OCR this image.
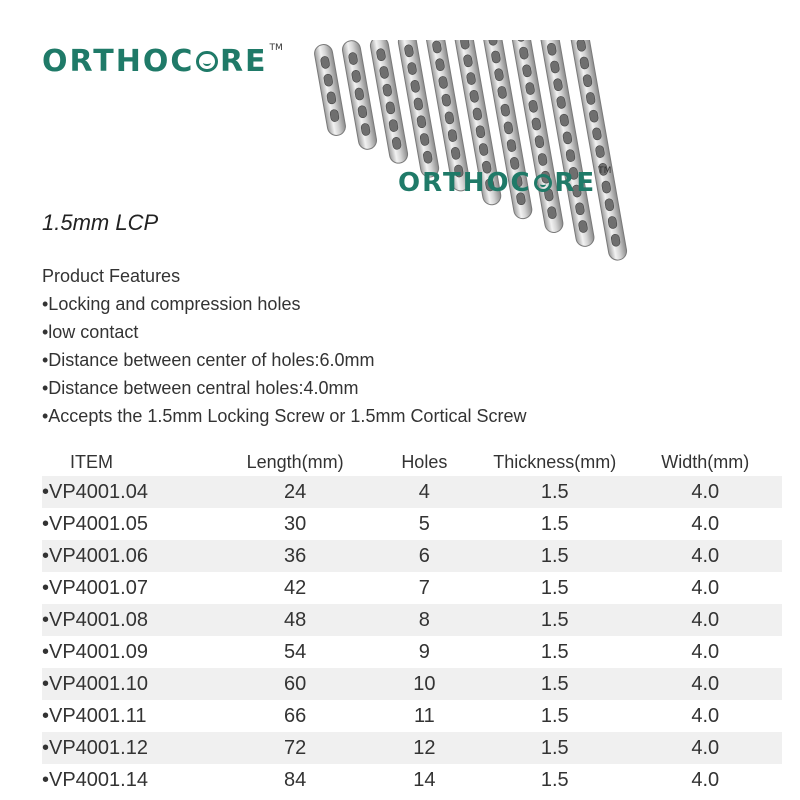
ORTHOC RE TM
ORTHOC RE TM
1.5mm LCP
Product Features
•Locking and compression holes
•low contact
•Distance between center of holes:6.0mm
•Distance between central holes:4.0mm
•Accepts the 1.5mm Locking Screw or 1.5mm Cortical Screw
ITEM	Length(mm)	Holes	Thickness(mm)	Width(mm)
•VP4001.04	24	4	1.5	4.0
•VP4001.05	30	5	1.5	4.0
•VP4001.06	36	6	1.5	4.0
•VP4001.07	42	7	1.5	4.0
•VP4001.08	48	8	1.5	4.0
•VP4001.09	54	9	1.5	4.0
•VP4001.10	60	10	1.5	4.0
•VP4001.11	66	11	1.5	4.0
•VP4001.12	72	12	1.5	4.0
•VP4001.14	84	14	1.5	4.0
